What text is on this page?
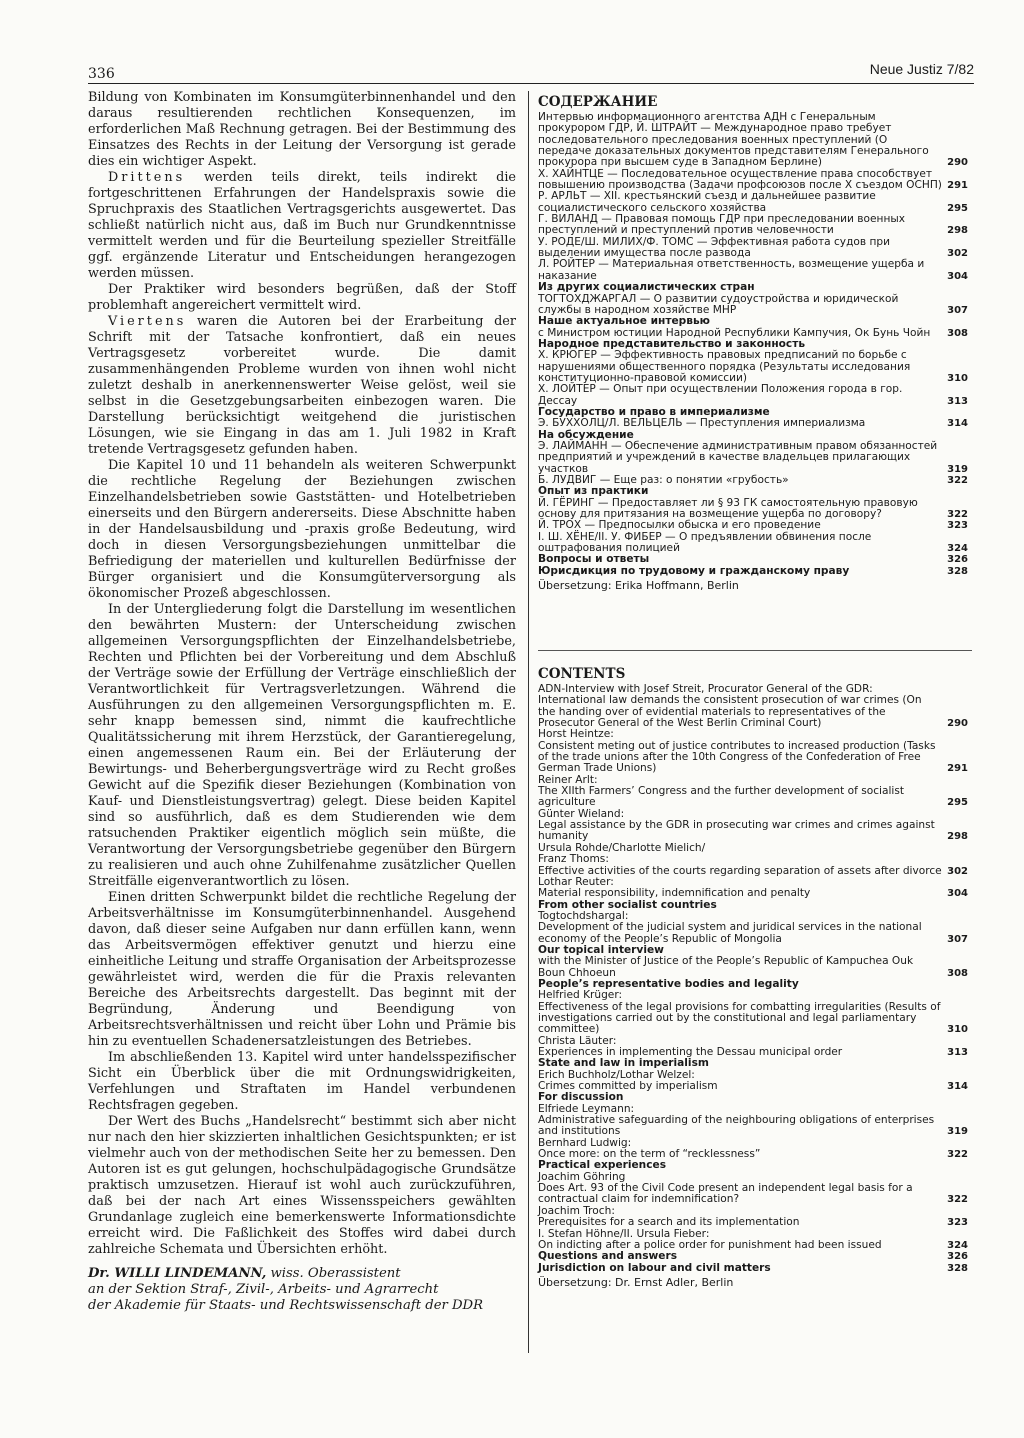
336	Neue Justiz 7/82

Bildung von Kombinaten im Konsumgüterbinnenhandel und den daraus resultierenden rechtlichen Konsequenzen, im erforderlichen Maß Rechnung getragen. Bei der Bestimmung des Einsatzes des Rechts in der Leitung der Versorgung ist gerade dies ein wichtiger Aspekt.

Drittens werden teils direkt, teils indirekt die fortgeschrittenen Erfahrungen der Handelspraxis sowie die Spruchpraxis des Staatlichen Vertragsgerichts ausgewertet. Das schließt natürlich nicht aus, daß im Buch nur Grundkenntnisse vermittelt werden und für die Beurteilung spezieller Streitfälle ggf. ergänzende Literatur und Entscheidungen herangezogen werden müssen.

Der Praktiker wird besonders begrüßen, daß der Stoff problemhaft angereichert vermittelt wird.

Viertens waren die Autoren bei der Erarbeitung der Schrift mit der Tatsache konfrontiert, daß ein neues Vertragsgesetz vorbereitet wurde. Die damit zusammenhängenden Probleme wurden von ihnen wohl nicht zuletzt deshalb in anerkennenswerter Weise gelöst, weil sie selbst in die Gesetzgebungsarbeiten einbezogen waren. Die Darstellung berücksichtigt weitgehend die juristischen Lösungen, wie sie Eingang in das am 1. Juli 1982 in Kraft tretende Vertragsgesetz gefunden haben.

Die Kapitel 10 und 11 behandeln als weiteren Schwerpunkt die rechtliche Regelung der Beziehungen zwischen Einzelhandelsbetrieben sowie Gaststätten- und Hotelbetrieben einerseits und den Bürgern andererseits. Diese Abschnitte haben in der Handelsausbildung und -praxis große Bedeutung, wird doch in diesen Versorgungsbeziehungen unmittelbar die Befriedigung der materiellen und kulturellen Bedürfnisse der Bürger organisiert und die Konsumgüterversorgung als ökonomischer Prozeß abgeschlossen.

In der Untergliederung folgt die Darstellung im wesentlichen den bewährten Mustern: der Unterscheidung zwischen allgemeinen Versorgungspflichten der Einzelhandelsbetriebe, Rechten und Pflichten bei der Vorbereitung und dem Abschluß der Verträge sowie der Erfüllung der Verträge einschließlich der Verantwortlichkeit für Vertragsverletzungen. Während die Ausführungen zu den allgemeinen Versorgungspflichten m. E. sehr knapp bemessen sind, nimmt die kaufrechtliche Qualitätssicherung mit ihrem Herzstück, der Garantieregelung, einen angemessenen Raum ein. Bei der Erläuterung der Bewirtungs- und Beherbergungsverträge wird zu Recht großes Gewicht auf die Spezifik dieser Beziehungen (Kombination von Kauf- und Dienstleistungsvertrag) gelegt. Diese beiden Kapitel sind so ausführlich, daß es dem Studierenden wie dem ratsuchenden Praktiker eigentlich möglich sein müßte, die Verantwortung der Versorgungsbetriebe gegenüber den Bürgern zu realisieren und auch ohne Zuhilfenahme zusätzlicher Quellen Streitfälle eigenverantwortlich zu lösen.

Einen dritten Schwerpunkt bildet die rechtliche Regelung der Arbeitsverhältnisse im Konsumgüterbinnenhandel. Ausgehend davon, daß dieser seine Aufgaben nur dann erfüllen kann, wenn das Arbeitsvermögen effektiver genutzt und hierzu eine einheitliche Leitung und straffe Organisation der Arbeitsprozesse gewährleistet wird, werden die für die Praxis relevanten Bereiche des Arbeitsrechts dargestellt. Das beginnt mit der Begründung, Änderung und Beendigung von Arbeitsrechtsverhältnissen und reicht über Lohn und Prämie bis hin zu eventuellen Schadenersatzleistungen des Betriebes.

Im abschließenden 13. Kapitel wird unter handelsspezifischer Sicht ein Überblick über die mit Ordnungswidrigkeiten, Verfehlungen und Straftaten im Handel verbundenen Rechtsfragen gegeben.

Der Wert des Buchs „Handelsrecht“ bestimmt sich aber nicht nur nach den hier skizzierten inhaltlichen Gesichtspunkten; er ist vielmehr auch von der methodischen Seite her zu bemessen. Den Autoren ist es gut gelungen, hochschulpädagogische Grundsätze praktisch umzusetzen. Hierauf ist wohl auch zurückzuführen, daß bei der nach Art eines Wissensspeichers gewählten Grundanlage zugleich eine bemerkenswerte Informationsdichte erreicht wird. Die Faßlichkeit des Stoffes wird dabei durch zahlreiche Schemata und Übersichten erhöht.

Dr. WILLI LINDEMANN, wiss. Oberassistent
an der Sektion Straf-, Zivil-, Arbeits- und Agrarrecht
der Akademie für Staats- und Rechtswissenschaft der DDR
СОДЕРЖАНИЕ
Интервью информационного агентства АДН с Генеральным прокурором ГДР, Й. ШТРАЙТ — Международное право требует последовательного преследования военных преступлений (О передаче доказательных документов представителям Генерального прокурора при высшем суде в Западном Берлине)	290
Х. ХАЙНТЦЕ — Последовательное осуществление права способствует повышению производства (Задачи профсоюзов после X съездом ОСНП) 291
Р. АРЛЬТ — XII. крестьянский съезд и дальнейшее развитие социалистического сельского хозяйства	295
Г. ВИЛАНД — Правовая помощь ГДР при преследовании военных преступлений и преступлений против человечности	298
У. РОДЕ/Ш. МИЛИХ/Ф. ТОМС — Эффективная работа судов при выделении имущества после развода	302
Л. РОЙТЕР — Материальная ответственность, возмещение ущерба и наказание	304
Из других социалистических стран
ТОГТОХДЖАРГАЛ — О развитии судоустройства и юридической службы в народном хозяйстве МНР	307
Наше актуальное интервью
с Министром юстиции Народной Республики Кампучия, Ок Бунь Чойн 308
Народное представительство и законность
Х. КРЮГЕР — Эффективность правовых предписаний по борьбе с нарушениями общественного порядка (Результаты исследования конституционно-правовой комиссии)	310
Х. ЛОЙТЕР — Опыт при осуществлении Положения города в гор. Дессау	313
Государство и право в империализме
Э. БУХХОЛЦ/Л. ВЕЛЬЦЕЛЬ — Преступления империализма	314
На обсуждение
Э. ЛАЙМАНН — Обеспечение административным правом обязанностей предприятий и учреждений в качестве владельцев прилагающих участков	319
Б. ЛУДВИГ — Еще раз: о понятии «грубость»	322
Опыт из практики
Й. ГЁРИНГ — Предоставляет ли § 93 ГК самостоятельную правовую основу для притязания на возмещение ущерба по договору?	322
Й. ТРОХ — Предпосылки обыска и его проведение	323
I. Ш. ХЁНЕ/II. У. ФИБЕР — О предъявлении обвинения после оштрафования полицией	324
Вопросы и ответы	326
Юрисдикция по трудовому и гражданскому праву	328
Übersetzung: Erika Hoffmann, Berlin
CONTENTS
ADN-Interview with Josef Streit, Procurator General of the GDR:
International law demands the consistent prosecution of war crimes (On the handing over of evidential materials to representatives of the Prosecutor General of the West Berlin Criminal Court)	290
Horst Heintze:
Consistent meting out of justice contributes to increased production (Tasks of the trade unions after the 10th Congress of the Confederation of Free German Trade Unions)	291
Reiner Arlt:
The XIIth Farmers’ Congress and the further development of socialist agriculture	295
Günter Wieland:
Legal assistance by the GDR in prosecuting war crimes and crimes against humanity	298
Ursula Rohde/Charlotte Mielich/
Franz Thoms:
Effective activities of the courts regarding separation of assets after divorce 302
Lothar Reuter:
Material responsibility, indemnification and penalty	304
From other socialist countries
Togtochdshargal:
Development of the judicial system and juridical services in the national economy of the People’s Republic of Mongolia	307
Our topical interview
with the Minister of Justice of the People’s Republic of Kampuchea Ouk Boun Chhoeun	308
People’s representative bodies and legality
Helfried Krüger:
Effectiveness of the legal provisions for combatting irregularities (Results of investigations carried out by the constitutional and legal parliamentary committee)	310
Christa Läuter:
Experiences in implementing the Dessau municipal order	313
State and law in imperialism
Erich Buchholz/Lothar Welzel:
Crimes committed by imperialism	314
For discussion
Elfriede Leymann:
Administrative safeguarding of the neighbouring obligations of enterprises and institutions	319
Bernhard Ludwig:
Once more: on the term of “recklessness”	322
Practical experiences
Joachim Göhring
Does Art. 93 of the Civil Code present an independent legal basis for a contractual claim for indemnification?	322
Joachim Troch:
Prerequisites for a search and its implementation	323
I. Stefan Höhne/II. Ursula Fieber:
On indicting after a police order for punishment had been issued	324
Questions and answers	326
Jurisdiction on labour and civil matters	328
Übersetzung: Dr. Ernst Adler, Berlin
